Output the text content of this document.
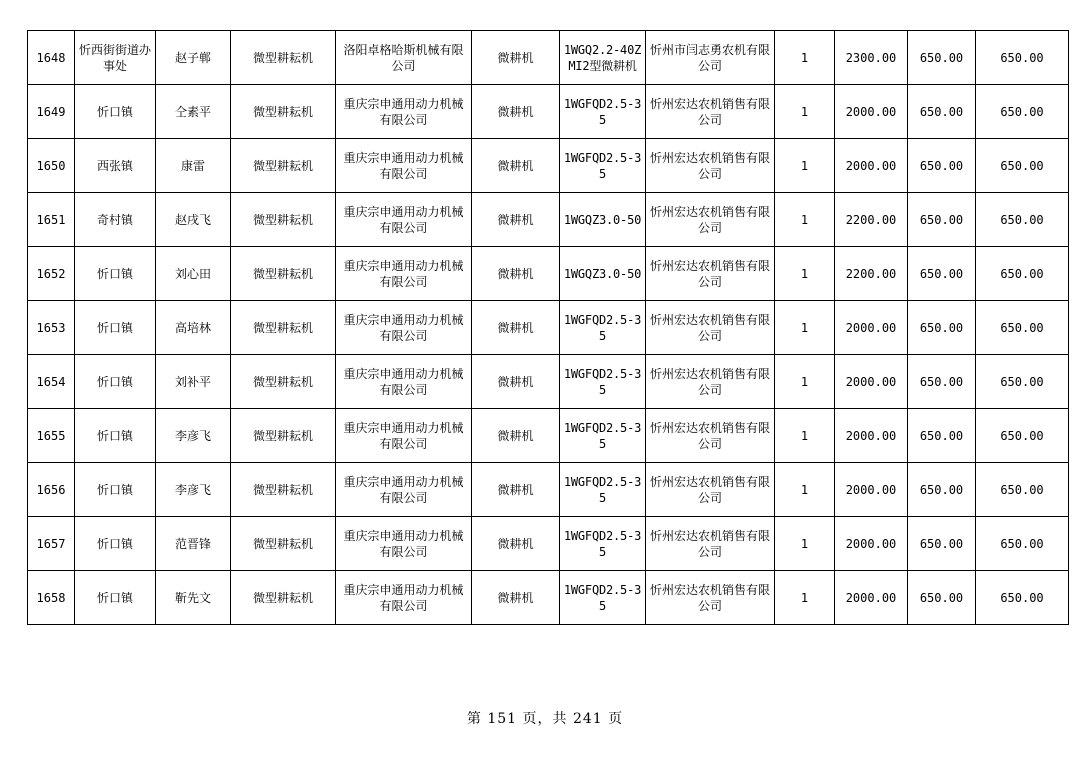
1648	忻西街街道办事处	赵子郸	微型耕耘机	洛阳卓格哈斯机械有限公司	微耕机	1WGQ2.2-40ZMI2型微耕机	忻州市闫志勇农机有限公司	1	2300.00	650.00	650.00
1649	忻口镇	仝素平	微型耕耘机	重庆宗申通用动力机械有限公司	微耕机	1WGFQD2.5-35	忻州宏达农机销售有限公司	1	2000.00	650.00	650.00
1650	西张镇	康雷	微型耕耘机	重庆宗申通用动力机械有限公司	微耕机	1WGFQD2.5-35	忻州宏达农机销售有限公司	1	2000.00	650.00	650.00
1651	奇村镇	赵戌飞	微型耕耘机	重庆宗申通用动力机械有限公司	微耕机	1WGQZ3.0-50	忻州宏达农机销售有限公司	1	2200.00	650.00	650.00
1652	忻口镇	刘心田	微型耕耘机	重庆宗申通用动力机械有限公司	微耕机	1WGQZ3.0-50	忻州宏达农机销售有限公司	1	2200.00	650.00	650.00
1653	忻口镇	高培林	微型耕耘机	重庆宗申通用动力机械有限公司	微耕机	1WGFQD2.5-35	忻州宏达农机销售有限公司	1	2000.00	650.00	650.00
1654	忻口镇	刘补平	微型耕耘机	重庆宗申通用动力机械有限公司	微耕机	1WGFQD2.5-35	忻州宏达农机销售有限公司	1	2000.00	650.00	650.00
1655	忻口镇	李彦飞	微型耕耘机	重庆宗申通用动力机械有限公司	微耕机	1WGFQD2.5-35	忻州宏达农机销售有限公司	1	2000.00	650.00	650.00
1656	忻口镇	李彦飞	微型耕耘机	重庆宗申通用动力机械有限公司	微耕机	1WGFQD2.5-35	忻州宏达农机销售有限公司	1	2000.00	650.00	650.00
1657	忻口镇	范晋锋	微型耕耘机	重庆宗申通用动力机械有限公司	微耕机	1WGFQD2.5-35	忻州宏达农机销售有限公司	1	2000.00	650.00	650.00
1658	忻口镇	靳先文	微型耕耘机	重庆宗申通用动力机械有限公司	微耕机	1WGFQD2.5-35	忻州宏达农机销售有限公司	1	2000.00	650.00	650.00
第 151 页，共 241 页
